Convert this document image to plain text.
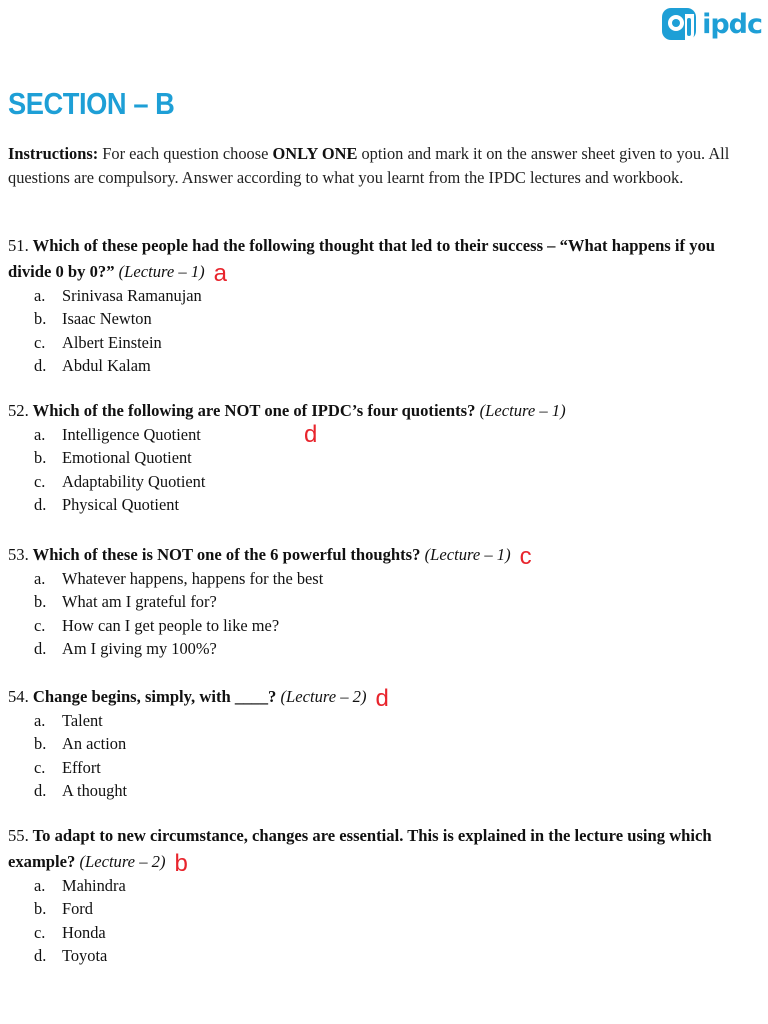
ipdc
SECTION – B

Instructions: For each question choose ONLY ONE option and mark it on the answer sheet given to you. All questions are compulsory. Answer according to what you learnt from the IPDC lectures and workbook.

51. Which of these people had the following thought that led to their success – “What happens if you divide 0 by 0?” (Lecture – 1) a

a.	Srinivasa Ramanujan
b. Isaac Newton
c.	Albert Einstein
d. Abdul Kalam

52. Which of the following are NOT one of IPDC’s four quotients? (Lecture – 1)

d
a.	Intelligence Quotient
b. Emotional Quotient
c.	Adaptability Quotient
d. Physical Quotient

53. Which of these is NOT one of the 6 powerful thoughts? (Lecture – 1) c

a.	Whatever happens, happens for the best
b. What am I grateful for?
c.	How can I get people to like me?
d. Am I giving my 100%?

54. Change begins, simply, with ____? (Lecture – 2) d

a.	Talent
b. An action
c.	Effort
d. A thought

55. To adapt to new circumstance, changes are essential. This is explained in the lecture using which example? (Lecture – 2) b

a.	Mahindra
b. Ford
c.	Honda
d. Toyota
